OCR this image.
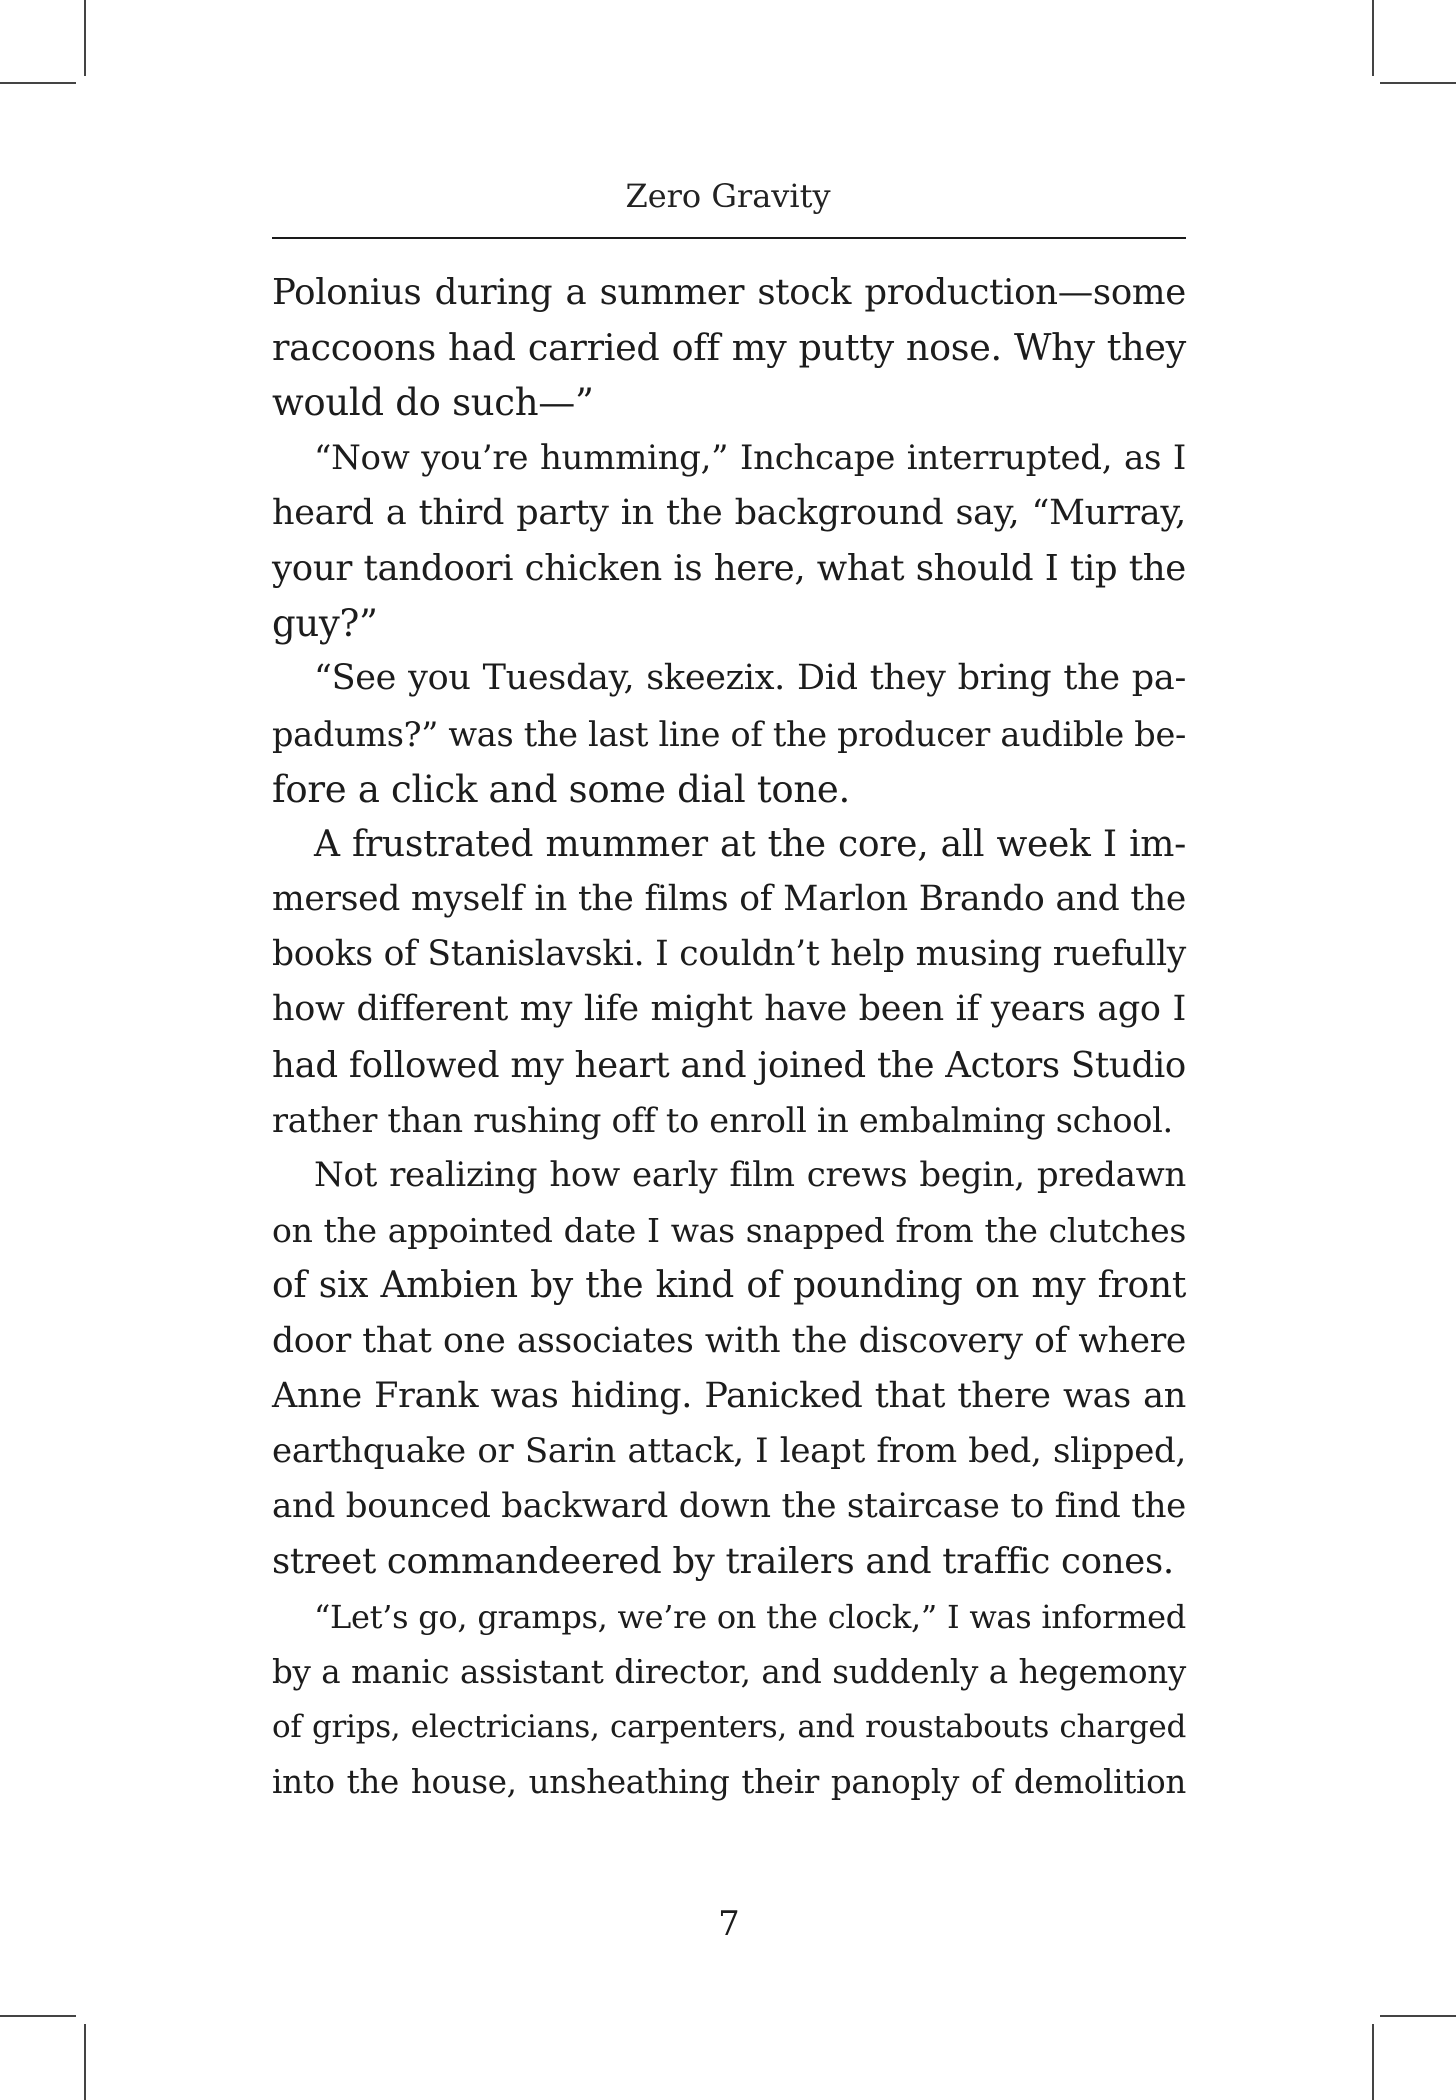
Zero Gravity

Polonius during a summer stock production—some
raccoons had carried off my putty nose. Why they
would do such—”

“Now you’re humming,” Inchcape interrupted, as I
heard a third party in the background say, “Murray,
your tandoori chicken is here, what should I tip the
guy?”

“See you Tuesday, skeezix. Did they bring the pa-
padums?” was the last line of the producer audible be-
fore a click and some dial tone.

A frustrated mummer at the core, all week I im-
mersed myself in the films of Marlon Brando and the
books of Stanislavski. I couldn’t help musing ruefully
how different my life might have been if years ago I
had followed my heart and joined the Actors Studio
rather than rushing off to enroll in embalming school.

Not realizing how early film crews begin, predawn
on the appointed date I was snapped from the clutches
of six Ambien by the kind of pounding on my front
door that one associates with the discovery of where
Anne Frank was hiding. Panicked that there was an
earthquake or Sarin attack, I leapt from bed, slipped,
and bounced backward down the staircase to find the
street commandeered by trailers and traffic cones.

“Let’s go, gramps, we’re on the clock,” I was informed
by a manic assistant director, and suddenly a hegemony
of grips, electricians, carpenters, and roustabouts charged
into the house, unsheathing their panoply of demolition

7
